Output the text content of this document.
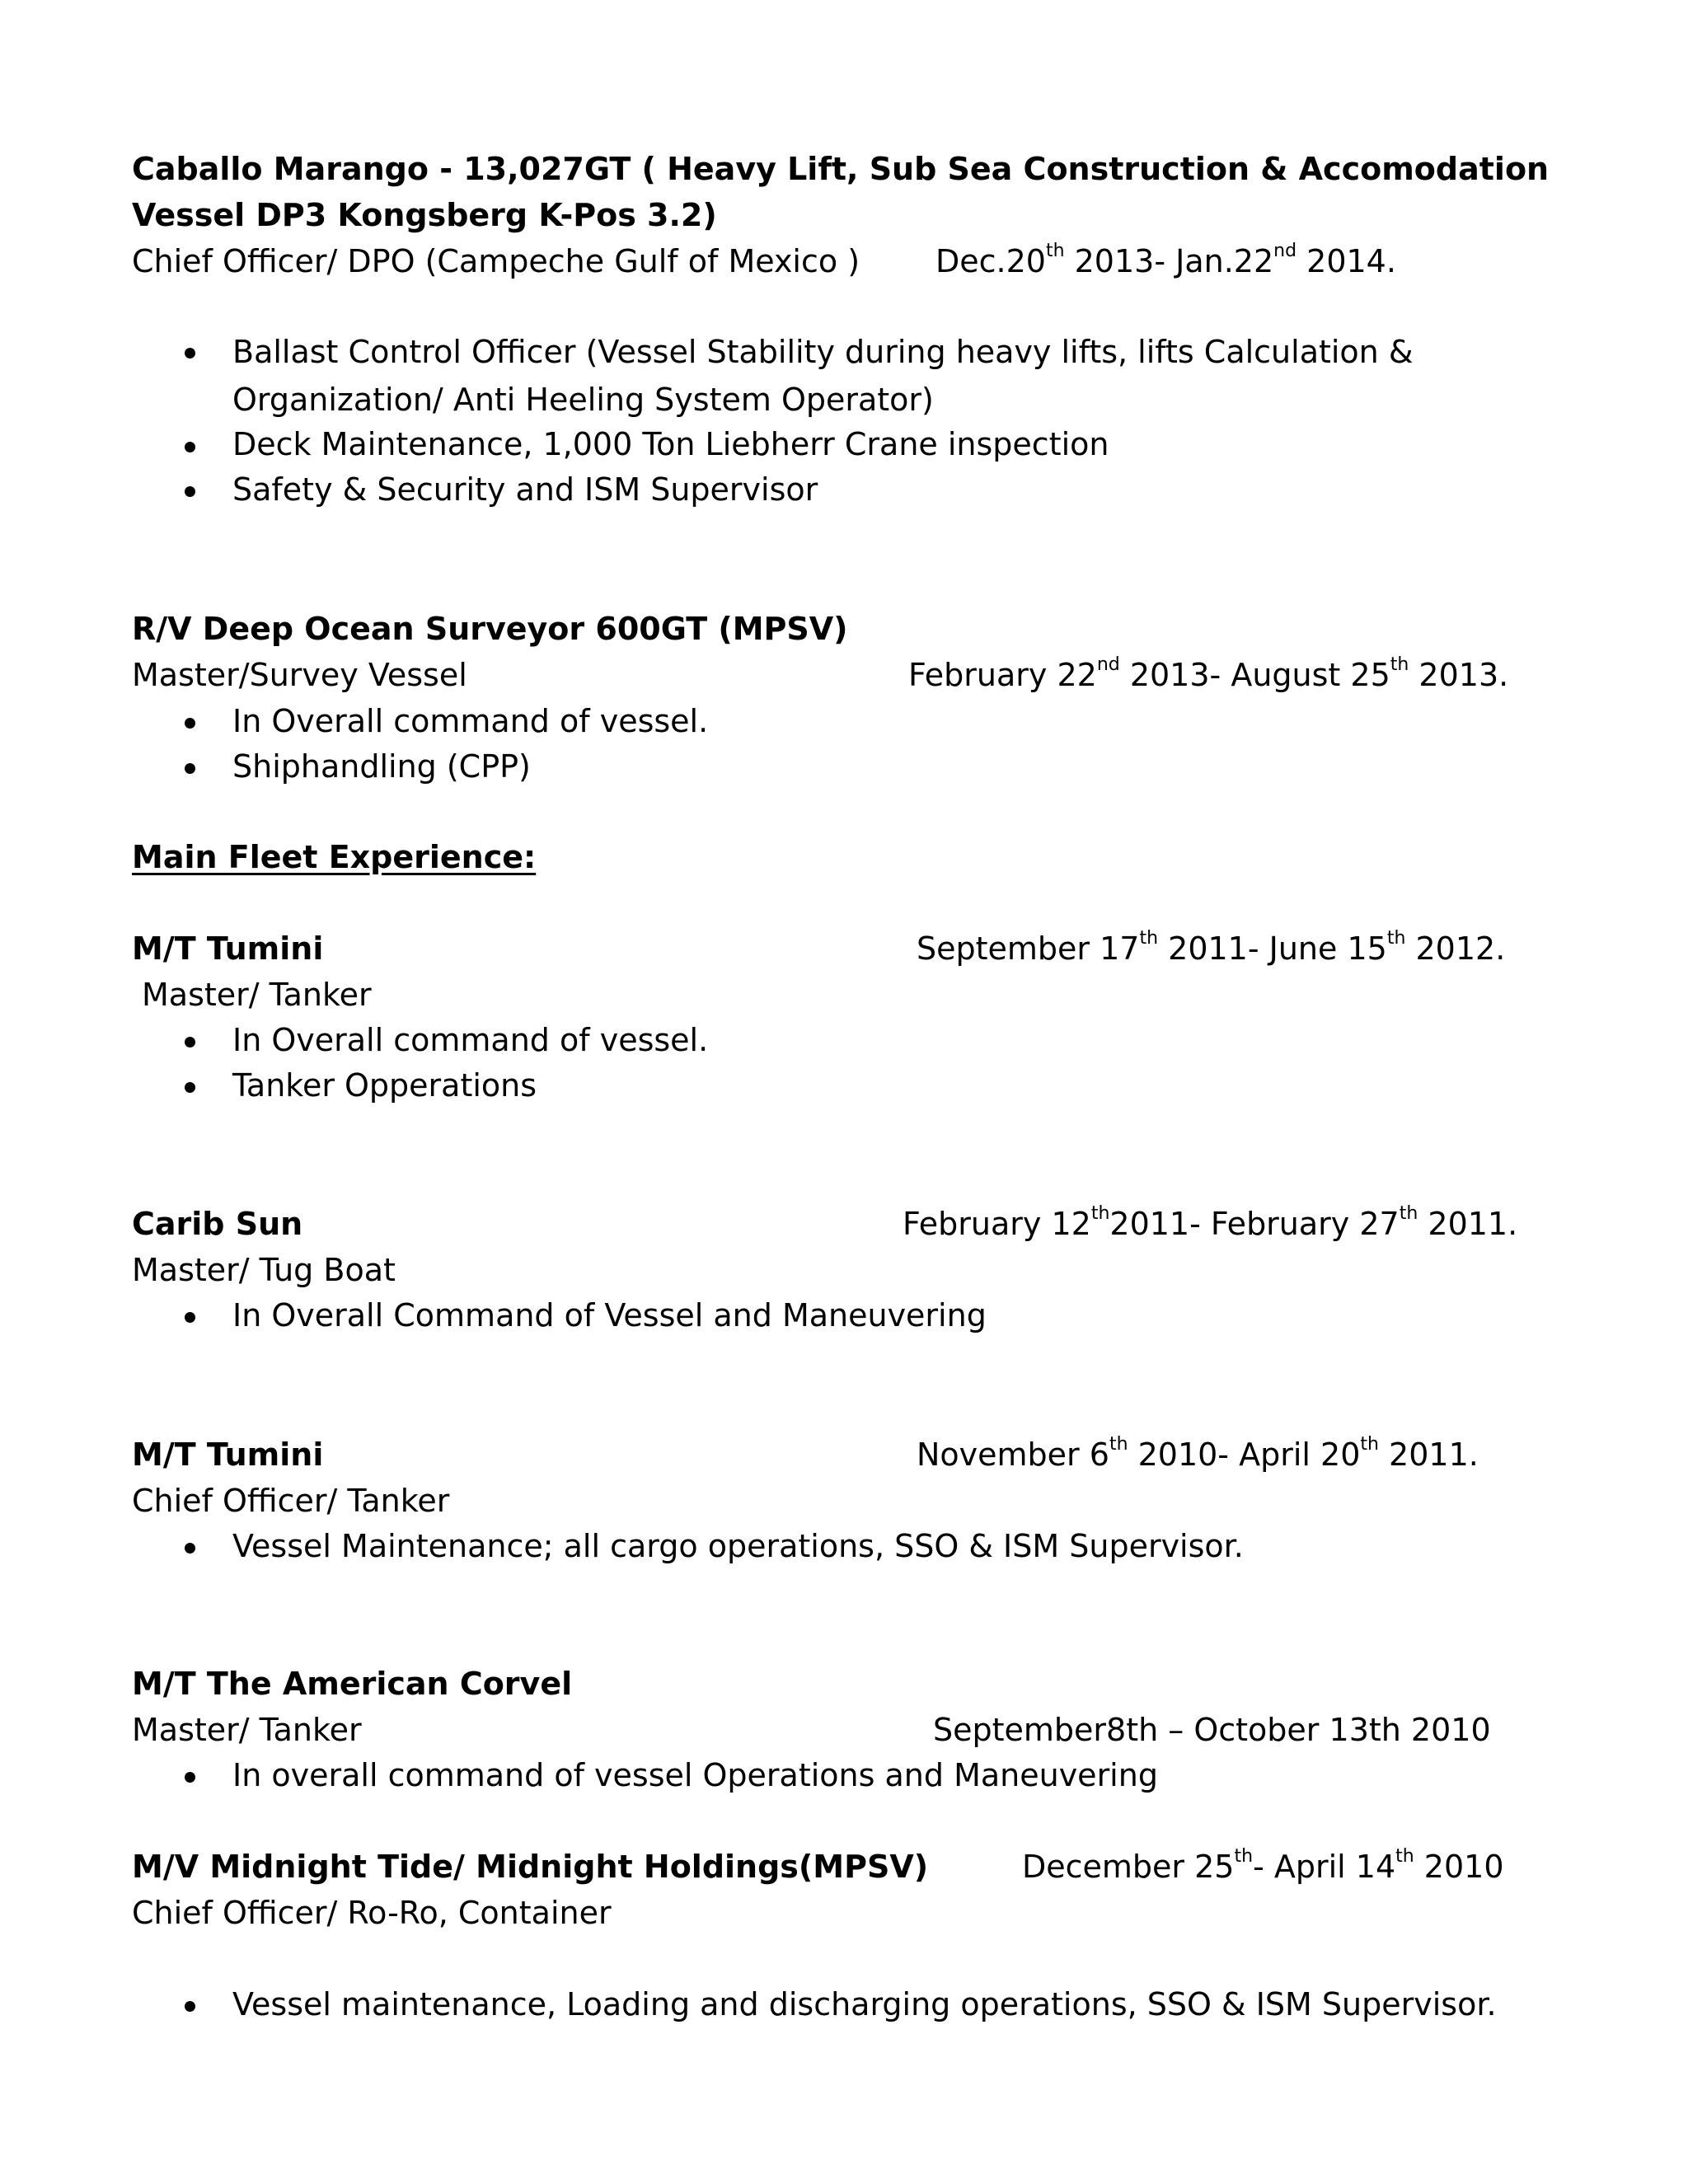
Caballo Marango - 13,027GT ( Heavy Lift, Sub Sea Construction & Accomodation
Vessel DP3 Kongsberg K-Pos 3.2)
Chief Officer/ DPO (Campeche Gulf of Mexico ) Dec.20th 2013- Jan.22nd 2014.
Ballast Control Officer (Vessel Stability during heavy lifts, lifts Calculation &
Organization/ Anti Heeling System Operator)
Deck Maintenance, 1,000 Ton Liebherr Crane inspection
Safety & Security and ISM Supervisor
R/V Deep Ocean Surveyor 600GT (MPSV)
Master/Survey Vessel	February 22nd 2013- August 25th 2013.
In Overall command of vessel.
Shiphandling (CPP)
Main Fleet Experience:
M/T Tumini	September 17th 2011- June 15th 2012.
Master/ Tanker
In Overall command of vessel.
Tanker Opperations
Carib Sun	February 12th2011- February 27th 2011.
Master/ Tug Boat
In Overall Command of Vessel and Maneuvering
M/T Tumini	November 6th 2010- April 20th 2011.
Chief Officer/ Tanker
Vessel Maintenance; all cargo operations, SSO & ISM Supervisor.
M/T The American Corvel
Master/ Tanker	September8th – October 13th 2010
In overall command of vessel Operations and Maneuvering
M/V Midnight Tide/ Midnight Holdings(MPSV)	December 25th- April 14th 2010
Chief Officer/ Ro-Ro, Container
Vessel maintenance, Loading and discharging operations, SSO & ISM Supervisor.
